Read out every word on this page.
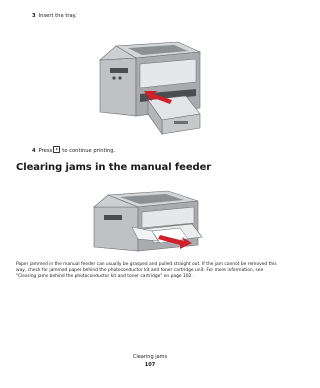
3 Insert the tray.
4 Press to continue printing.
Clearing jams in the manual feeder
Paper jammed in the manual feeder can usually be grasped and pulled straight out. If the jam cannot be removed this way, check for jammed paper behind the photoconductor kit and toner cartridge unit. For more information, see "Clearing jams behind the photoconductor kit and toner cartridge" on page 102.
Clearing jams
107
